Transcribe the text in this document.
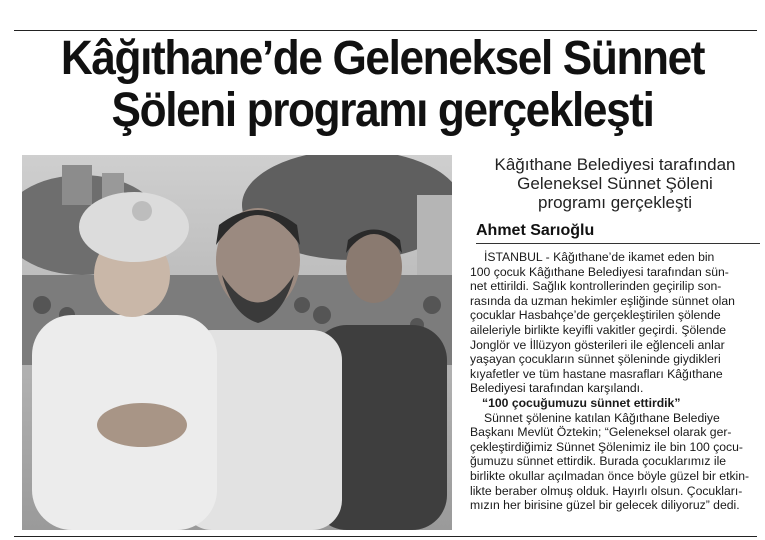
Kâğıthane’de Geleneksel Sünnet
Şöleni programı gerçekleşti
Kâğıthane Belediyesi tarafından
Geleneksel Sünnet Şöleni
programı gerçekleşti
Ahmet Sarıoğlu
İSTANBUL - Kâğıthane’de ikamet eden bin
100 çocuk Kâğıthane Belediyesi tarafından sün-
net ettirildi. Sağlık kontrollerinden geçirilip son-
rasında da uzman hekimler eşliğinde sünnet olan
çocuklar Hasbahçe’de gerçekleştirilen şölende
aileleriyle birlikte keyifli vakitler geçirdi. Şölende
Jonglör ve İllüzyon gösterileri ile eğlenceli anlar
yaşayan çocukların sünnet şöleninde giydikleri
kıyafetler ve tüm hastane masrafları Kâğıthane
Belediyesi tarafından karşılandı.
“100 çocuğumuzu sünnet ettirdik”
Sünnet şölenine katılan Kâğıthane Belediye
Başkanı Mevlüt Öztekin; “Geleneksel olarak ger-
çekleştirdiğimiz Sünnet Şölenimiz ile bin 100 çocu-
ğumuzu sünnet ettirdik. Burada çocuklarımız ile
birlikte okullar açılmadan önce böyle güzel bir etkin-
likte beraber olmuş olduk. Hayırlı olsun. Çocukları-
mızın her birisine güzel bir gelecek diliyoruz” dedi.
